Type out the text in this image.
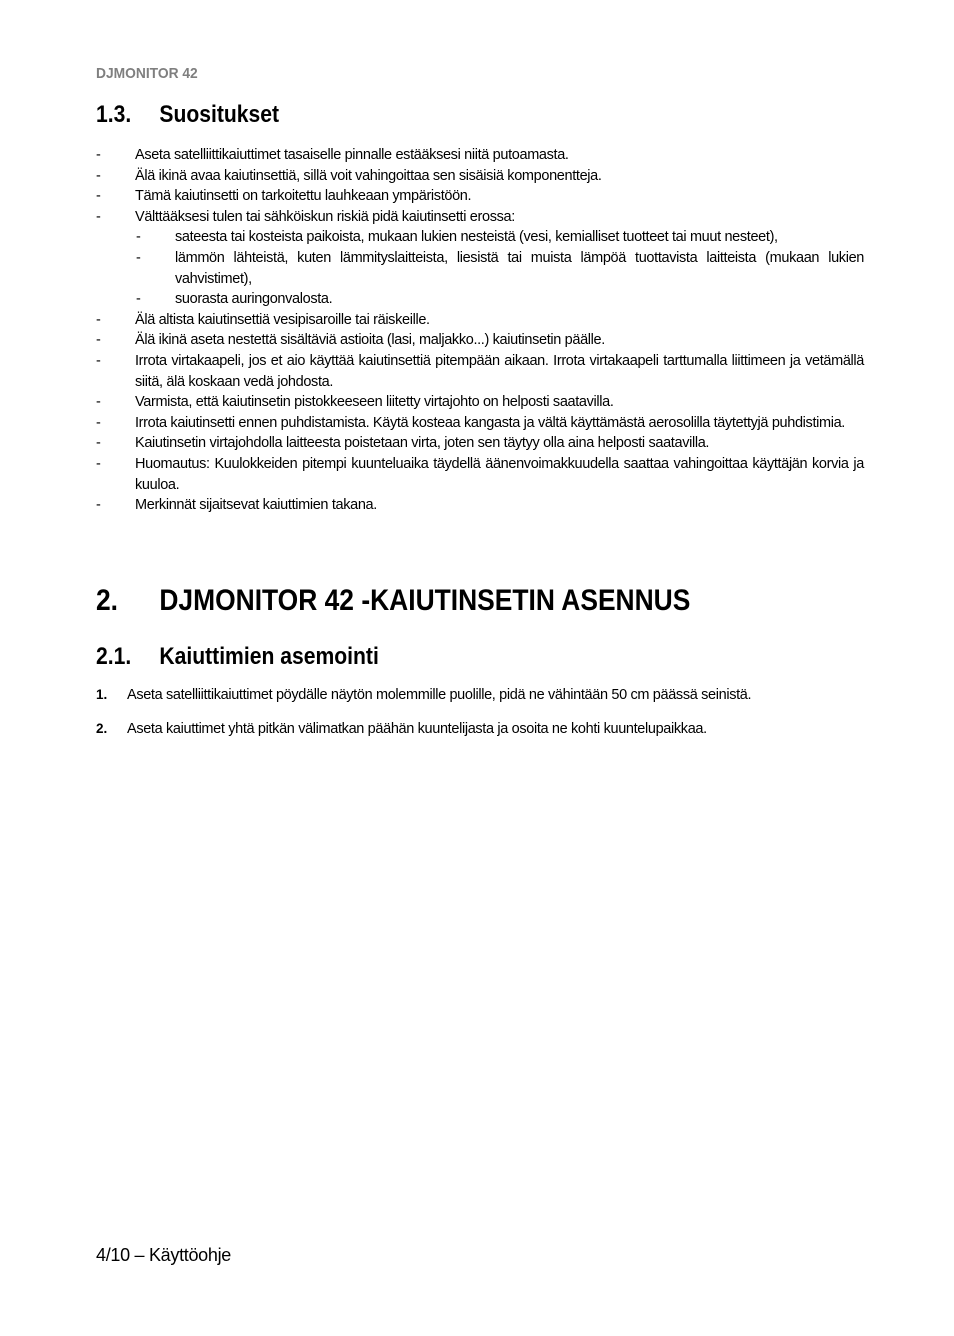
DJMONITOR 42
1.3. Suositukset
- Aseta satelliittikaiuttimet tasaiselle pinnalle estääksesi niitä putoamasta.
- Älä ikinä avaa kaiutinsettiä, sillä voit vahingoittaa sen sisäisiä komponentteja.
- Tämä kaiutinsetti on tarkoitettu lauhkeaan ympäristöön.
- Välttääksesi tulen tai sähköiskun riskiä pidä kaiutinsetti erossa:
- sateesta tai kosteista paikoista, mukaan lukien nesteistä (vesi, kemialliset tuotteet tai muut nesteet),
- lämmön lähteistä, kuten lämmityslaitteista, liesistä tai muista lämpöä tuottavista laitteista (mukaan lukien vahvistimet),
- suorasta auringonvalosta.
- Älä altista kaiutinsettiä vesipisaroille tai räiskeille.
- Älä ikinä aseta nestettä sisältäviä astioita (lasi, maljakko...) kaiutinsetin päälle.
- Irrota virtakaapeli, jos et aio käyttää kaiutinsettiä pitempään aikaan. Irrota virtakaapeli tarttumalla liittimeen ja vetämällä siitä, älä koskaan vedä johdosta.
- Varmista, että kaiutinsetin pistokkeeseen liitetty virtajohto on helposti saatavilla.
- Irrota kaiutinsetti ennen puhdistamista. Käytä kosteaa kangasta ja vältä käyttämästä aerosolilla täytettyjä puhdistimia.
- Kaiutinsetin virtajohdolla laitteesta poistetaan virta, joten sen täytyy olla aina helposti saatavilla.
- Huomautus: Kuulokkeiden pitempi kuunteluaika täydellä äänenvoimakkuudella saattaa vahingoittaa käyttäjän korvia ja kuuloa.
- Merkinnät sijaitsevat kaiuttimien takana.
2. DJMONITOR 42 -KAIUTINSETIN ASENNUS
2.1. Kaiuttimien asemointi
1. Aseta satelliittikaiuttimet pöydälle näytön molemmille puolille, pidä ne vähintään 50 cm päässä seinistä.
2. Aseta kaiuttimet yhtä pitkän välimatkan päähän kuuntelijasta ja osoita ne kohti kuuntelupaikkaa.
4/10 – Käyttöohje
